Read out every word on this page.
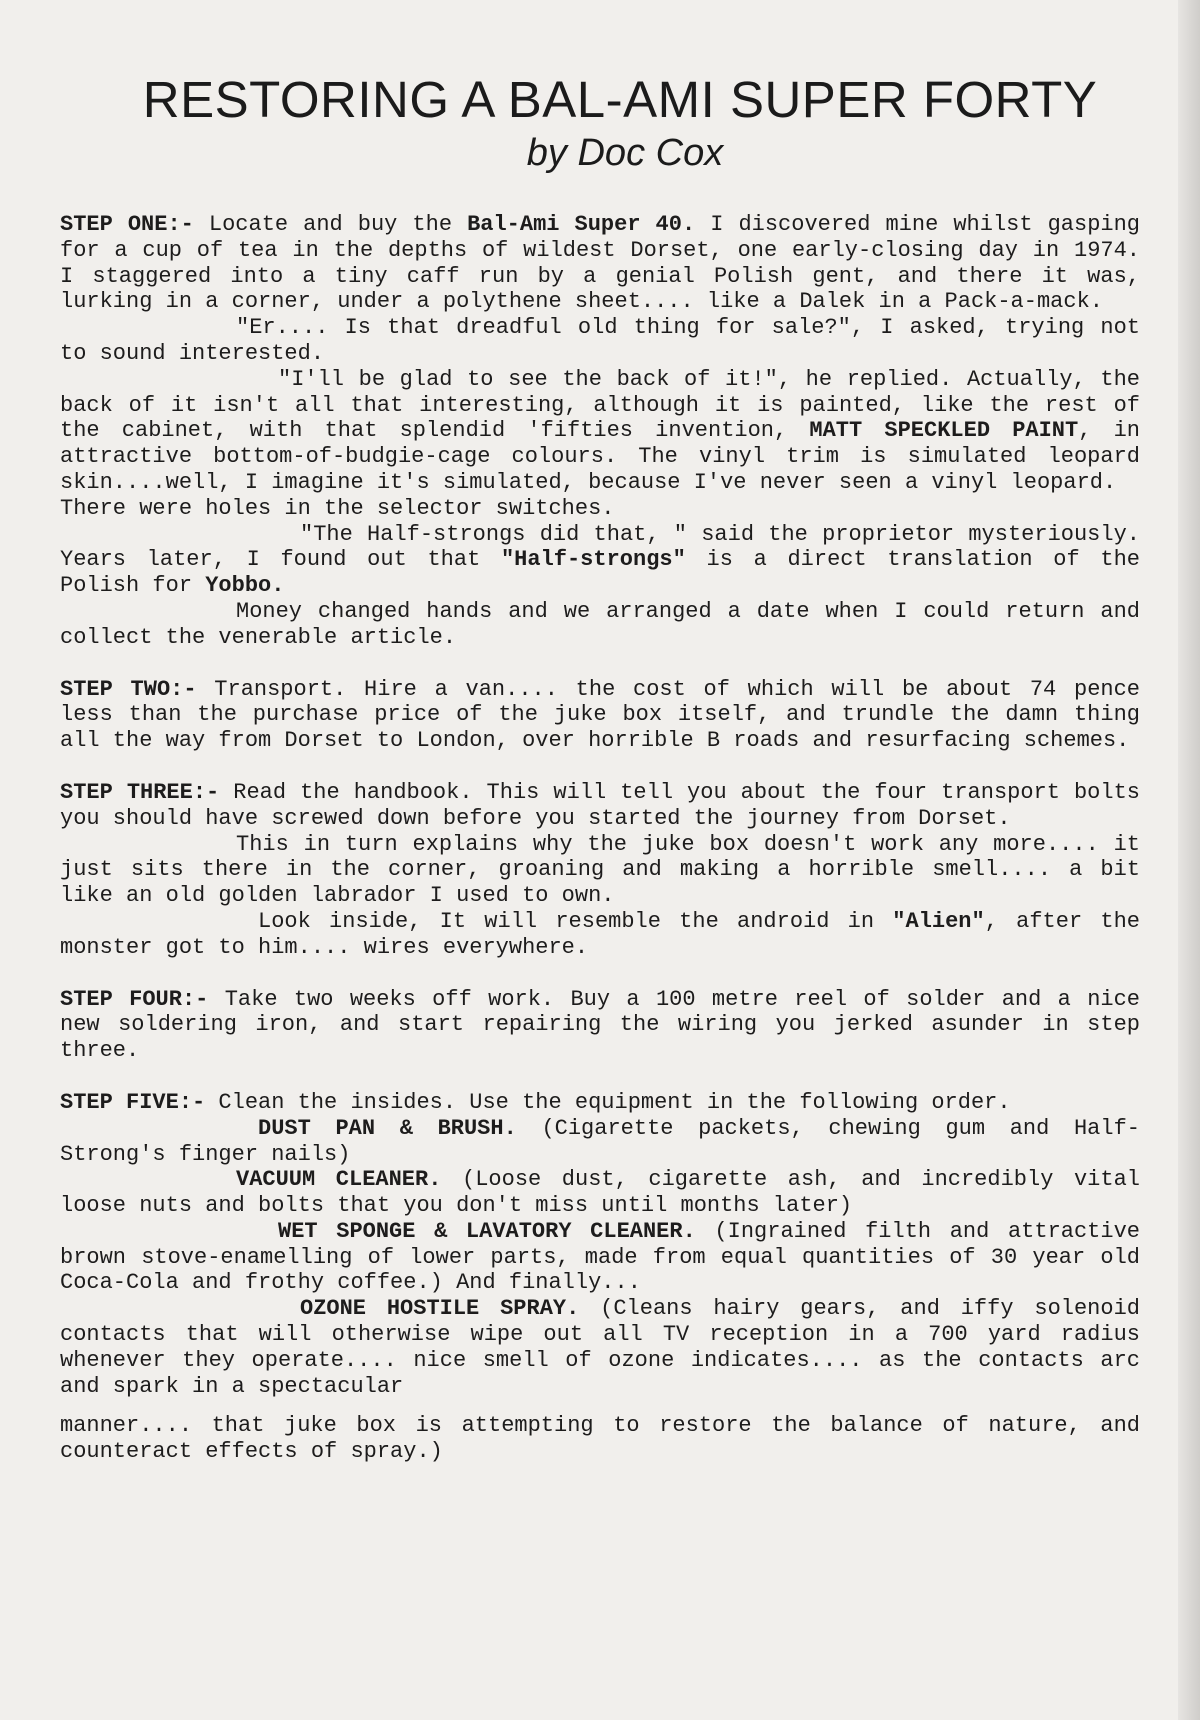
RESTORING A BAL-AMI SUPER FORTY

by Doc Cox

STEP ONE:- Locate and buy the Bal-Ami Super 40. I discovered mine whilst gasping for a cup of tea in the depths of wildest Dorset, one early-closing day in 1974. I staggered into a tiny caff run by a genial Polish gent, and there it was, lurking in a corner, under a polythene sheet.... like a Dalek in a Pack-a-mack.

"Er.... Is that dreadful old thing for sale?", I asked, trying not to sound interested.

"I'll be glad to see the back of it!", he replied. Actually, the back of it isn't all that interesting, although it is painted, like the rest of the cabinet, with that splendid 'fifties invention, MATT SPECKLED PAINT, in attractive bottom-of-budgie-cage colours. The vinyl trim is simulated leopard skin....well, I imagine it's simulated, because I've never seen a vinyl leopard.

There were holes in the selector switches.

"The Half-strongs did that, " said the proprietor mysteriously. Years later, I found out that "Half-strongs" is a direct translation of the Polish for Yobbo.

Money changed hands and we arranged a date when I could return and collect the venerable article.

STEP TWO:- Transport. Hire a van.... the cost of which will be about 74 pence less than the purchase price of the juke box itself, and trundle the damn thing all the way from Dorset to London, over horrible B roads and resurfacing schemes.

STEP THREE:- Read the handbook. This will tell you about the four transport bolts you should have screwed down before you started the journey from Dorset.

This in turn explains why the juke box doesn't work any more.... it just sits there in the corner, groaning and making a horrible smell.... a bit like an old golden labrador I used to own.

Look inside, It will resemble the android in "Alien", after the monster got to him.... wires everywhere.

STEP FOUR:- Take two weeks off work. Buy a 100 metre reel of solder and a nice new soldering iron, and start repairing the wiring you jerked asunder in step three.

STEP FIVE:- Clean the insides. Use the equipment in the following order.

DUST PAN & BRUSH. (Cigarette packets, chewing gum and Half-Strong's finger nails)

VACUUM CLEANER. (Loose dust, cigarette ash, and incredibly vital loose nuts and bolts that you don't miss until months later)

WET SPONGE & LAVATORY CLEANER. (Ingrained filth and attractive brown stove-enamelling of lower parts, made from equal quantities of 30 year old Coca-Cola and frothy coffee.) And finally...

OZONE HOSTILE SPRAY. (Cleans hairy gears, and iffy solenoid contacts that will otherwise wipe out all TV reception in a 700 yard radius whenever they operate.... nice smell of ozone indicates.... as the contacts arc and spark in a spectacular

manner.... that juke box is attempting to restore the balance of nature, and counteract effects of spray.)
